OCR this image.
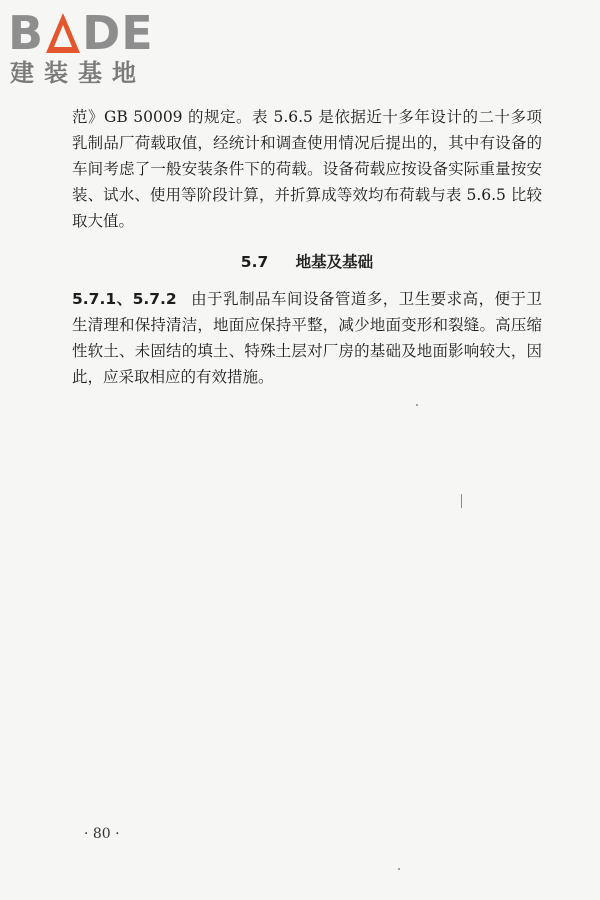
B DE
建装基地

范》GB 50009 的规定。表 5.6.5 是依据近十多年设计的二十多项乳制品厂荷载取值，经统计和调查使用情况后提出的，其中有设备的车间考虑了一般安装条件下的荷载。设备荷载应按设备实际重量按安装、试水、使用等阶段计算，并折算成等效均布荷载与表 5.6.5 比较取大值。

5.7 地基及基础

5.7.1、5.7.2 由于乳制品车间设备管道多，卫生要求高，便于卫生清理和保持清洁，地面应保持平整，减少地面变形和裂缝。高压缩性软土、未固结的填土、特殊土层对厂房的基础及地面影响较大，因此，应采取相应的有效措施。

· 80 ·
